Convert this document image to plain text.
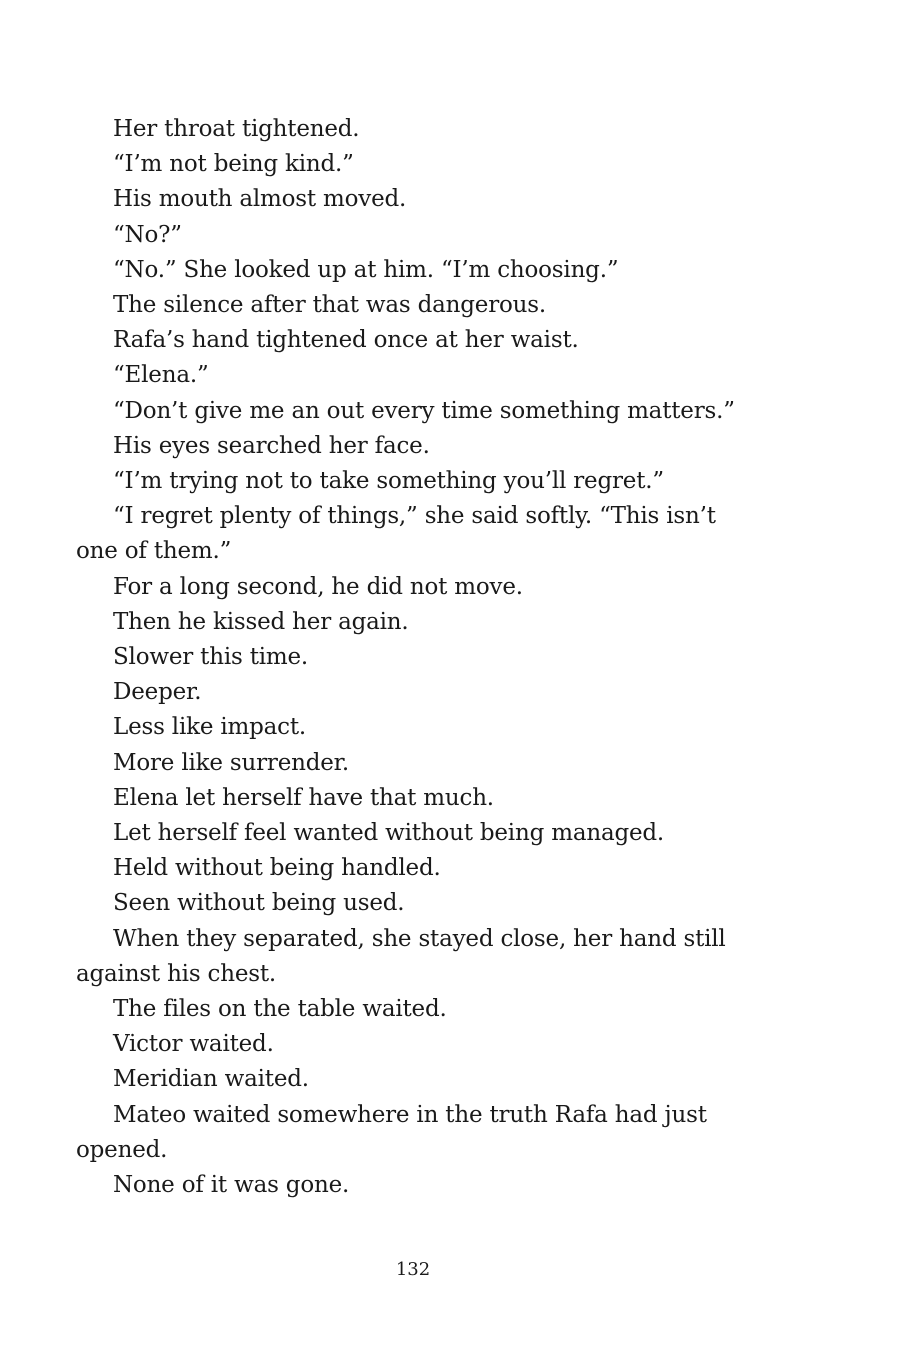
Her throat tightened.

“I’m not being kind.”

His mouth almost moved.

“No?”

“No.” She looked up at him. “I’m choosing.”

The silence after that was dangerous.

Rafa’s hand tightened once at her waist.

“Elena.”

“Don’t give me an out every time something matters.”

His eyes searched her face.

“I’m trying not to take something you’ll regret.”

“I regret plenty of things,” she said softly. “This isn’t one of them.”

For a long second, he did not move.

Then he kissed her again.

Slower this time.

Deeper.

Less like impact.

More like surrender.

Elena let herself have that much.

Let herself feel wanted without being managed.

Held without being handled.

Seen without being used.

When they separated, she stayed close, her hand still against his chest.

The files on the table waited.

Victor waited.

Meridian waited.

Mateo waited somewhere in the truth Rafa had just opened.

None of it was gone.

132
